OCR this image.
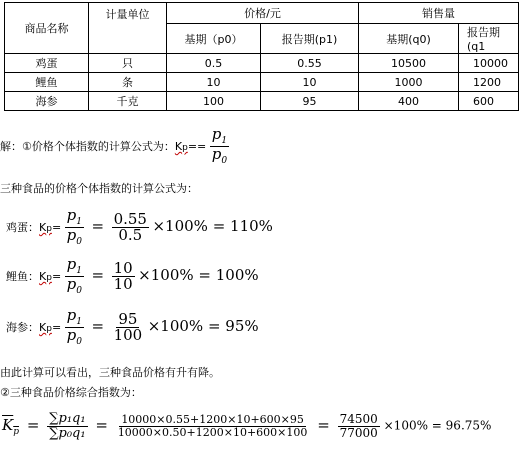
商品名称	计量单位	价格/元		销售量	
		基期（p0）	报告期(p1)	基期(q0)	报告期(q1
鸡蛋	只	0.5	0.55	10500	10000
鲤鱼	条	10	10	1000	1200
海参	千克	100	95	400	600
解：①价格个体指数的计算公式为：$Kp== \frac{p_1}{p_0}$
三种食品的价格个体指数的计算公式为：
鸡蛋：$Kp= \frac{p_1}{p_0} = \frac{0.55}{0.5} \times 100\% = 110\%$
鲤鱼：$Kp= \frac{p_1}{p_0} = \frac{10}{10} \times 100\% = 100\%$
海参：$Kp= \frac{p_1}{p_0} = \frac{95}{100} \times 100\% = 95\%$
由此计算可以看出，三种食品价格有升有降。
②三种食品价格综合指数为：
$K_p = \frac{\text{∑p₁q₁}}{\text{∑p₀q₁}} = \frac{10000\times 0.55+1200\times 10+600\times 95}{10000\times 0.50+1200\times 10+600\times 100} = \frac{74500}{77000} \times 100\% = 96.75\%$
